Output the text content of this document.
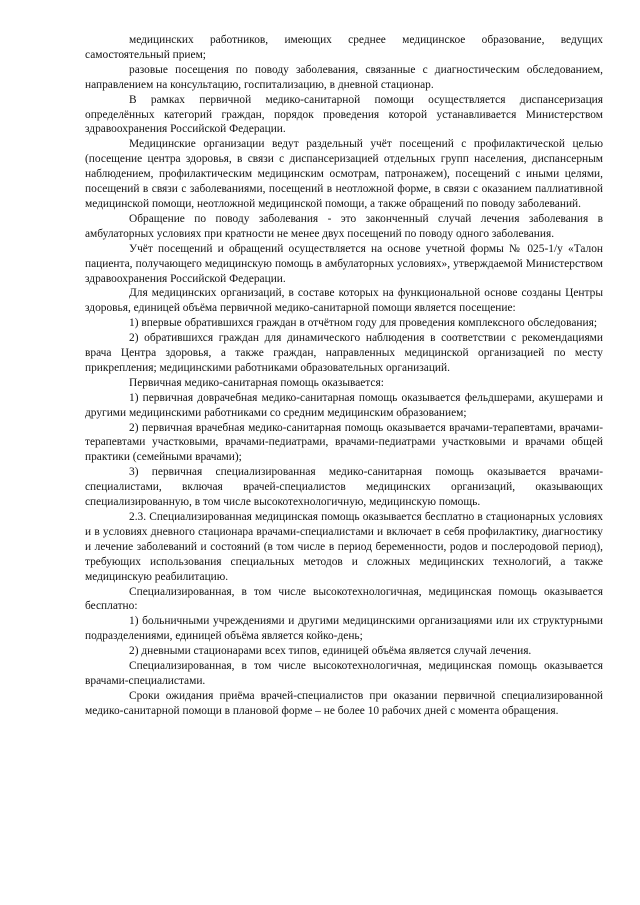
медицинских работников, имеющих среднее медицинское образование, ведущих самостоятельный прием;

разовые посещения по поводу заболевания, связанные с диагностическим обследованием, направлением на консультацию, госпитализацию, в дневной стационар.

В рамках первичной медико-санитарной помощи осуществляется диспансеризация определённых категорий граждан, порядок проведения которой устанавливается Министерством здравоохранения Российской Федерации.

Медицинские организации ведут раздельный учёт посещений с профилактической целью (посещение центра здоровья, в связи с диспансеризацией отдельных групп населения, диспансерным наблюдением, профилактическим медицинским осмотрам, патронажем), посещений с иными целями, посещений в связи с заболеваниями, посещений в неотложной форме, в связи с оказанием паллиативной медицинской помощи, неотложной медицинской помощи, а также обращений по поводу заболеваний.

Обращение по поводу заболевания - это законченный случай лечения заболевания в амбулаторных условиях при кратности не менее двух посещений по поводу одного заболевания.

Учёт посещений и обращений осуществляется на основе учетной формы № 025-1/у «Талон пациента, получающего медицинскую помощь в амбулаторных условиях», утверждаемой Министерством здравоохранения Российской Федерации.

Для медицинских организаций, в составе которых на функциональной основе созданы Центры здоровья, единицей объёма первичной медико-санитарной помощи является посещение:

1) впервые обратившихся граждан в отчётном году для проведения комплексного обследования;

2) обратившихся граждан для динамического наблюдения в соответствии с рекомендациями врача Центра здоровья, а также граждан, направленных медицинской организацией по месту прикрепления; медицинскими работниками образовательных организаций.

Первичная медико-санитарная помощь оказывается:

1) первичная доврачебная медико-санитарная помощь оказывается фельдшерами, акушерами и другими медицинскими работниками со средним медицинским образованием;

2) первичная врачебная медико-санитарная помощь оказывается врачами-терапевтами, врачами-терапевтами участковыми, врачами-педиатрами, врачами-педиатрами участковыми и врачами общей практики (семейными врачами);

3) первичная специализированная медико-санитарная помощь оказывается врачами-специалистами, включая врачей-специалистов медицинских организаций, оказывающих специализированную, в том числе высокотехнологичную, медицинскую помощь.

2.3. Специализированная медицинская помощь оказывается бесплатно в стационарных условиях и в условиях дневного стационара врачами-специалистами и включает в себя профилактику, диагностику и лечение заболеваний и состояний (в том числе в период беременности, родов и послеродовой период), требующих использования специальных методов и сложных медицинских технологий, а также медицинскую реабилитацию.

Специализированная, в том числе высокотехнологичная, медицинская помощь оказывается бесплатно:

1) больничными учреждениями и другими медицинскими организациями или их структурными подразделениями, единицей объёма является койко-день;

2) дневными стационарами всех типов, единицей объёма является случай лечения.

Специализированная, в том числе высокотехнологичная, медицинская помощь оказывается врачами-специалистами.

Сроки ожидания приёма врачей-специалистов при оказании первичной специализированной медико-санитарной помощи в плановой форме – не более 10 рабочих дней с момента обращения.
